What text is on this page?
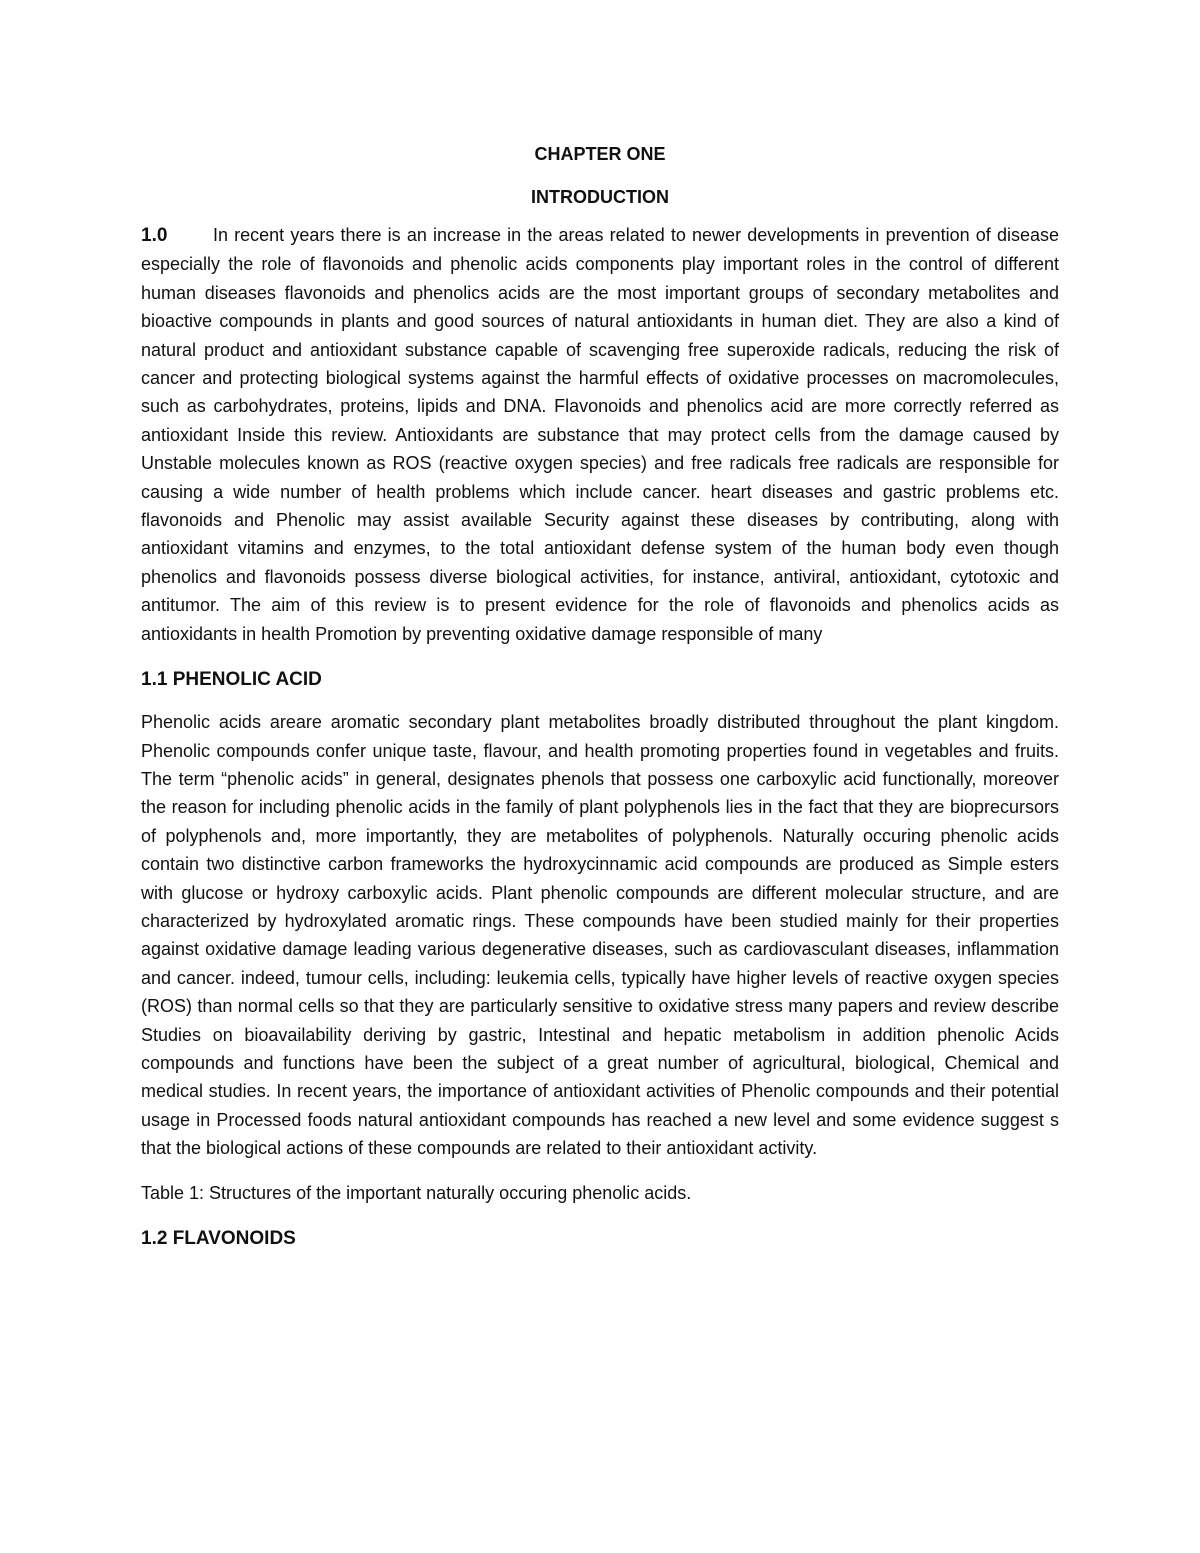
CHAPTER ONE

INTRODUCTION

1.0	In recent years there is an increase in the areas related to newer developments in prevention of disease especially the role of flavonoids and phenolic acids components play important roles in the control of different human diseases flavonoids and phenolics acids are the most important groups of secondary metabolites and bioactive compounds in plants and good sources of natural antioxidants in human diet. They are also a kind of natural product and antioxidant substance capable of scavenging free superoxide radicals, reducing the risk of cancer and protecting biological systems against the harmful effects of oxidative processes on macromolecules, such as carbohydrates, proteins, lipids and DNA. Flavonoids and phenolics acid are more correctly referred as antioxidant Inside this review. Antioxidants are substance that may protect cells from the damage caused by Unstable molecules known as ROS (reactive oxygen species) and free radicals free radicals are responsible for causing a wide number of health problems which include cancer. heart diseases and gastric problems etc. flavonoids and Phenolic may assist available Security against these diseases by contributing, along with antioxidant vitamins and enzymes, to the total antioxidant defense system of the human body even though phenolics and flavonoids possess diverse biological activities, for instance, antiviral, antioxidant, cytotoxic and antitumor. The aim of this review is to present evidence for the role of flavonoids and phenolics acids as antioxidants in health Promotion by preventing oxidative damage responsible of many

1.1 PHENOLIC ACID

Phenolic acids areare aromatic secondary plant metabolites broadly distributed throughout the plant kingdom. Phenolic compounds confer unique taste, flavour, and health promoting properties found in vegetables and fruits. The term “phenolic acids” in general, designates phenols that possess one carboxylic acid functionally, moreover the reason for including phenolic acids in the family of plant polyphenols lies in the fact that they are bioprecursors of polyphenols and, more importantly, they are metabolites of polyphenols. Naturally occuring phenolic acids contain two distinctive carbon frameworks the hydroxycinnamic acid compounds are produced as Simple esters with glucose or hydroxy carboxylic acids. Plant phenolic compounds are different molecular structure, and are characterized by hydroxylated aromatic rings. These compounds have been studied mainly for their properties against oxidative damage leading various degenerative diseases, such as cardiovasculant diseases, inflammation and cancer. indeed, tumour cells, including: leukemia cells, typically have higher levels of reactive oxygen species (ROS) than normal cells so that they are particularly sensitive to oxidative stress many papers and review describe Studies on bioavailability deriving by gastric, Intestinal and hepatic metabolism in addition phenolic Acids compounds and functions have been the subject of a great number of agricultural, biological, Chemical and medical studies. In recent years, the importance of antioxidant activities of Phenolic compounds and their potential usage in Processed foods natural antioxidant compounds has reached a new level and some evidence suggest s that the biological actions of these compounds are related to their antioxidant activity.

Table 1: Structures of the important naturally occuring phenolic acids.

1.2 FLAVONOIDS
